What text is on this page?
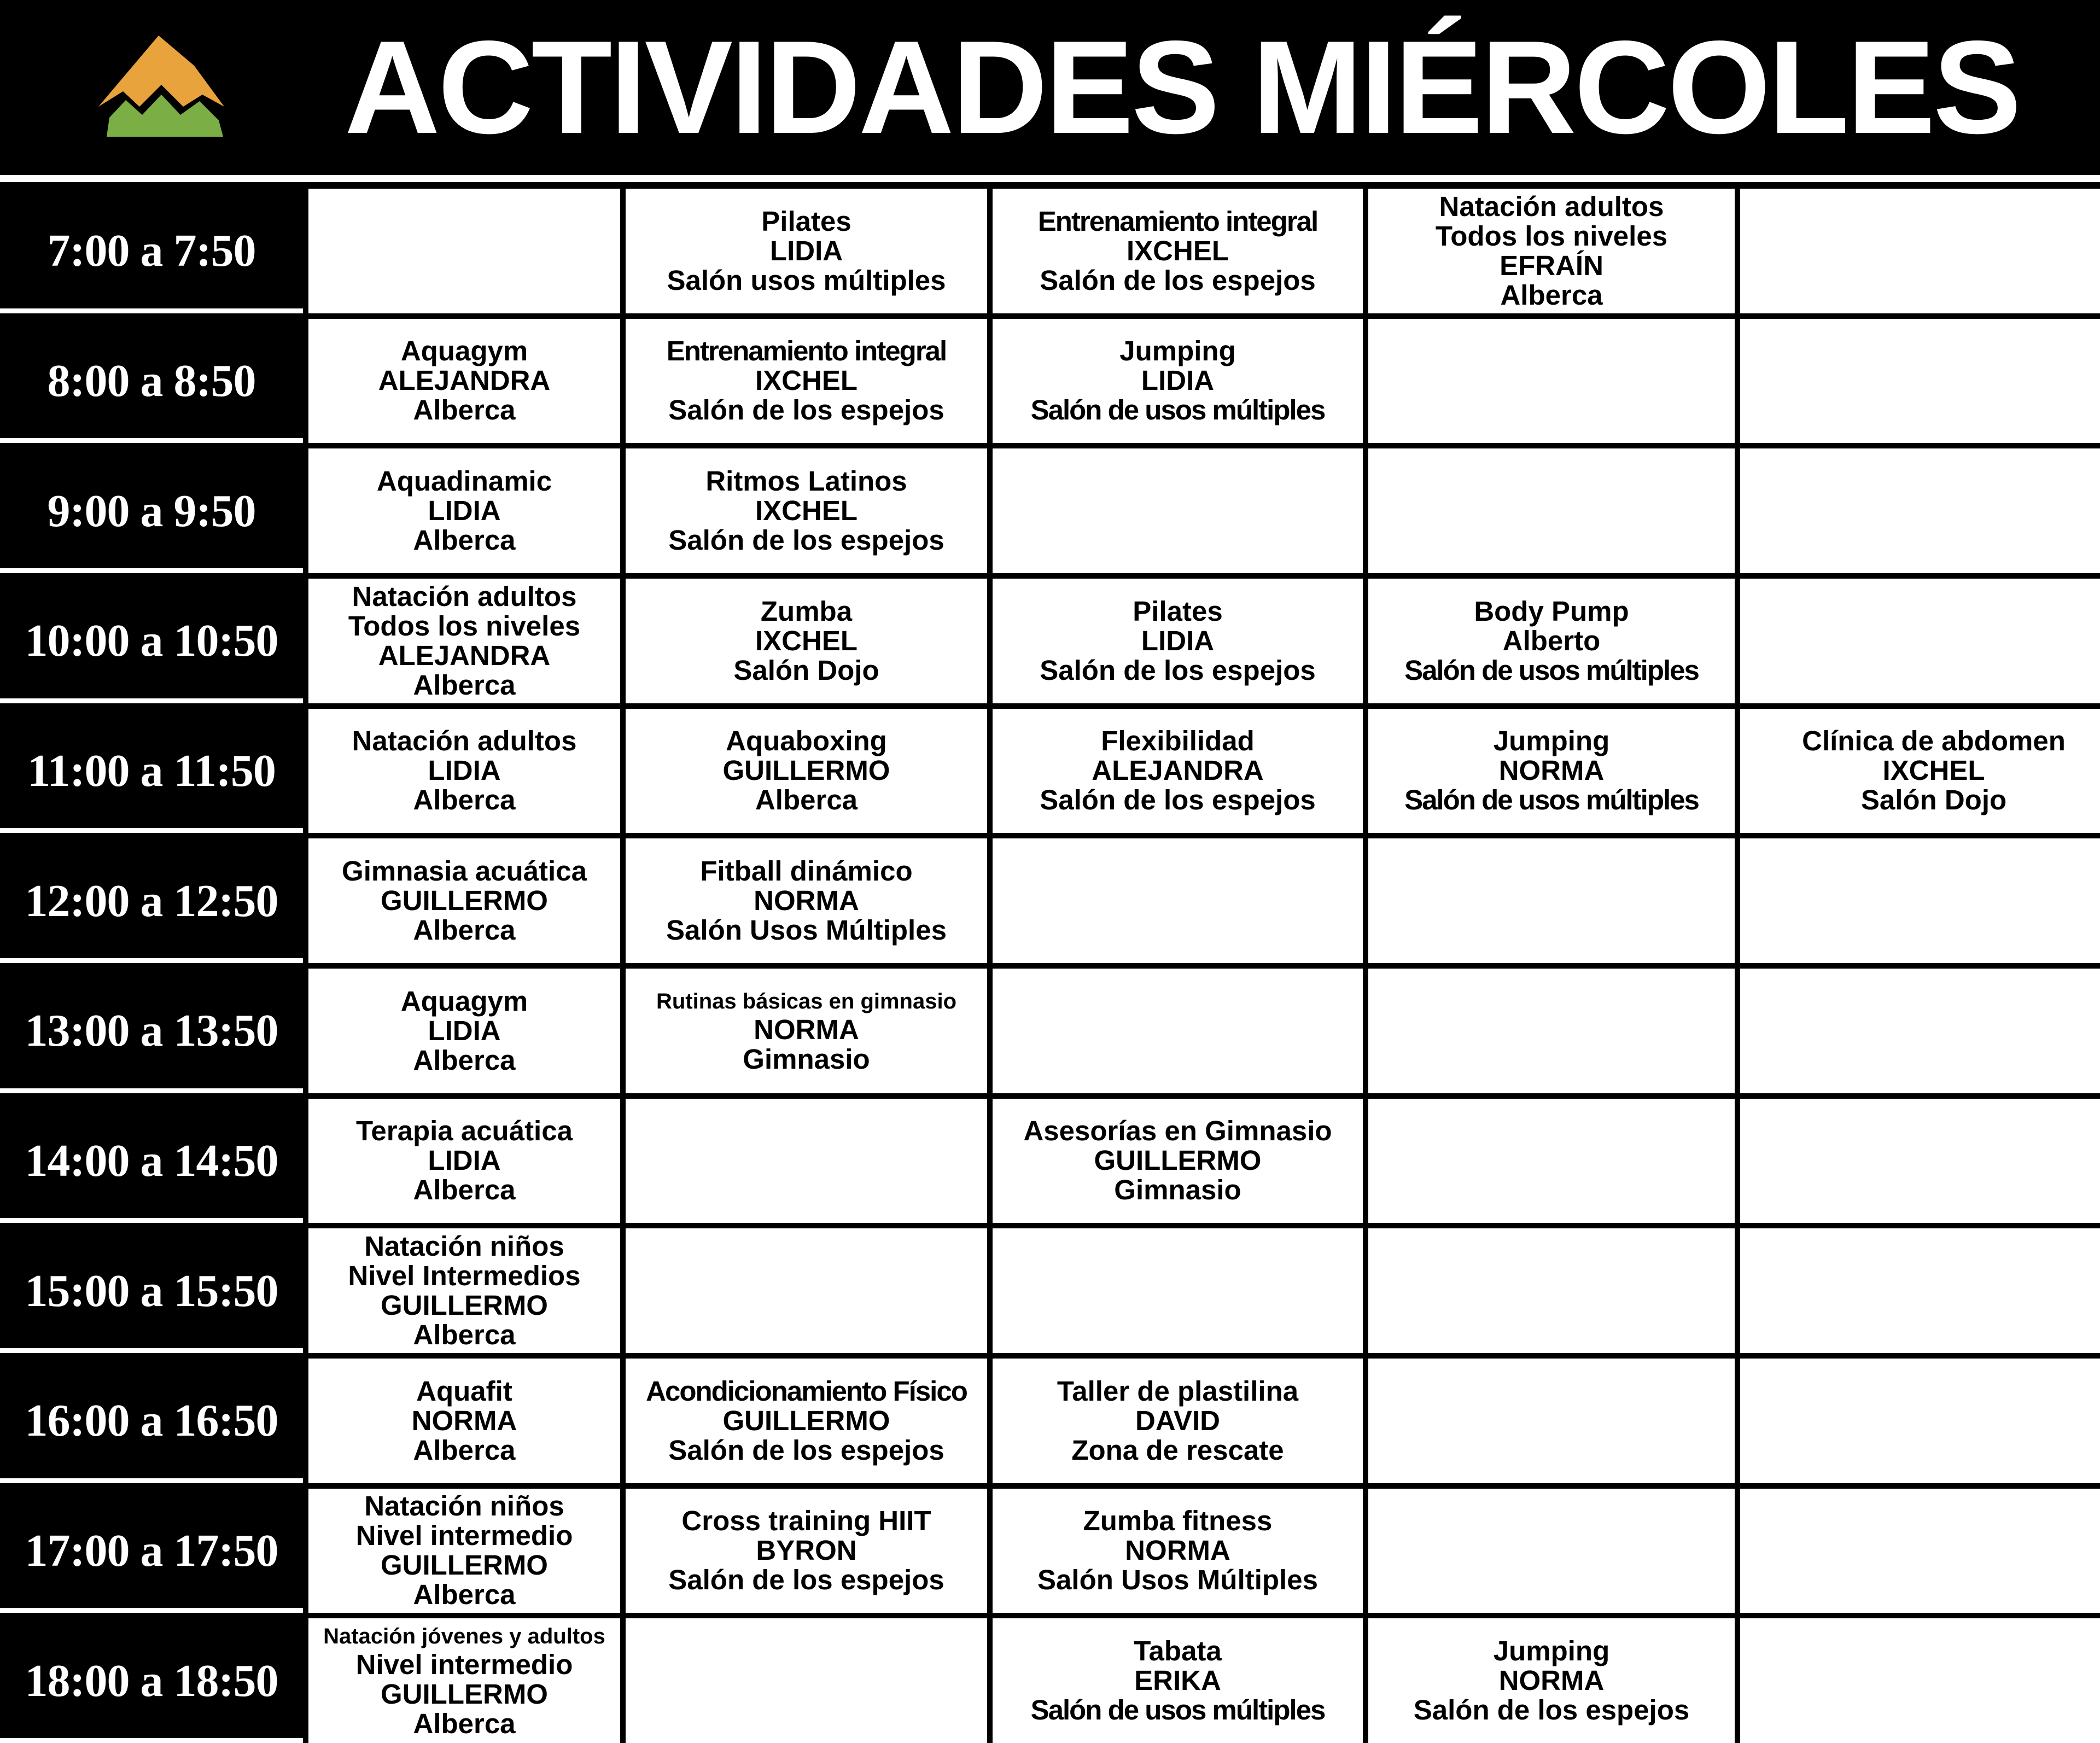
ACTIVIDADES MIÉRCOLES
7:00 a 7:50
Pilates
LIDIA
Salón usos múltiples
Entrenamiento integral
IXCHEL
Salón de los espejos
Natación adultos
Todos los niveles
EFRAÍN
Alberca
8:00 a 8:50
Aquagym
ALEJANDRA
Alberca
Entrenamiento integral
IXCHEL
Salón de los espejos
Jumping
LIDIA
Salón de usos múltiples
9:00 a 9:50
Aquadinamic
LIDIA
Alberca
Ritmos Latinos
IXCHEL
Salón de los espejos
10:00 a 10:50
Natación adultos
Todos los niveles
ALEJANDRA
Alberca
Zumba
IXCHEL
Salón Dojo
Pilates
LIDIA
Salón de los espejos
Body Pump
Alberto
Salón de usos múltiples
11:00 a 11:50
Natación adultos
LIDIA
Alberca
Aquaboxing
GUILLERMO
Alberca
Flexibilidad
ALEJANDRA
Salón de los espejos
Jumping
NORMA
Salón de usos múltiples
Clínica de abdomen
IXCHEL
Salón Dojo
12:00 a 12:50
Gimnasia acuática
GUILLERMO
Alberca
Fitball dinámico
NORMA
Salón Usos Múltiples
13:00 a 13:50
Aquagym
LIDIA
Alberca
Rutinas básicas en gimnasio
NORMA
Gimnasio
14:00 a 14:50
Terapia acuática
LIDIA
Alberca
Asesorías en Gimnasio
GUILLERMO
Gimnasio
15:00 a 15:50
Natación niños
Nivel Intermedios
GUILLERMO
Alberca
16:00 a 16:50
Aquafit
NORMA
Alberca
Acondicionamiento Físico
GUILLERMO
Salón de los espejos
Taller de plastilina
DAVID
Zona de rescate
17:00 a 17:50
Natación niños
Nivel intermedio
GUILLERMO
Alberca
Cross training HIIT
BYRON
Salón de los espejos
Zumba fitness
NORMA
Salón Usos Múltiples
18:00 a 18:50
Natación jóvenes y adultos
Nivel intermedio
GUILLERMO
Alberca
Tabata
ERIKA
Salón de usos múltiples
Jumping
NORMA
Salón de los espejos
